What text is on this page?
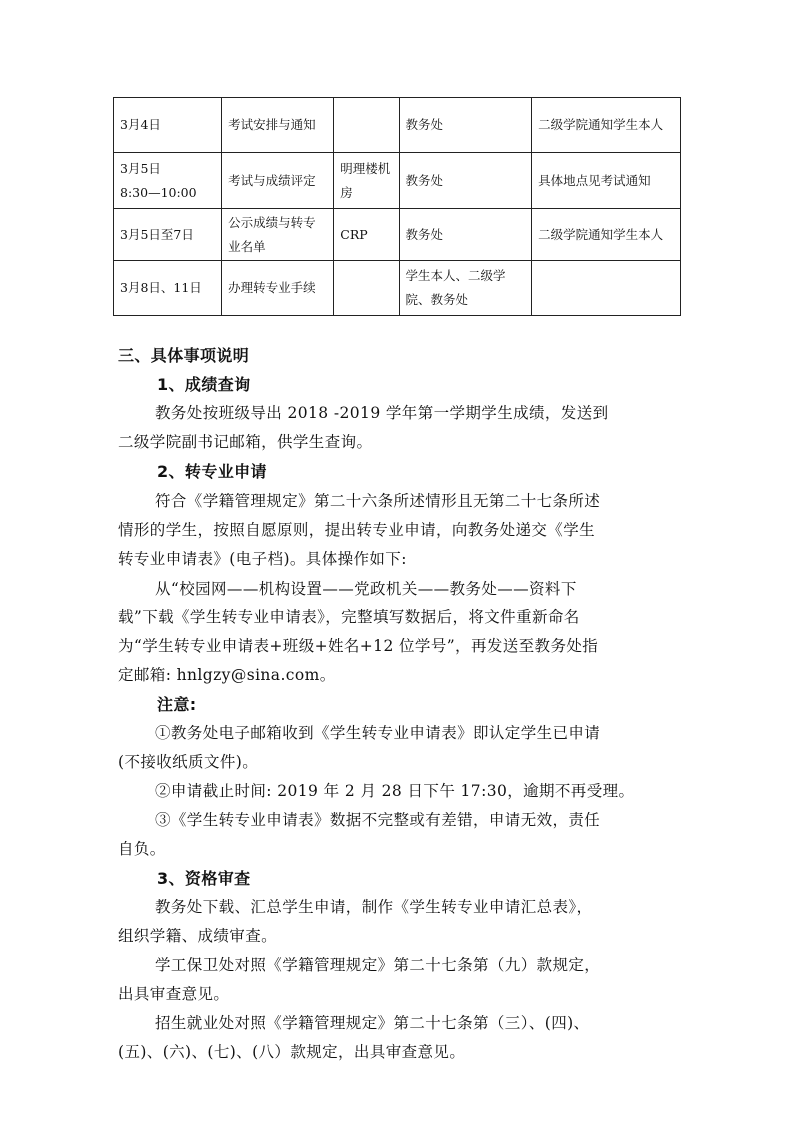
3月4日	考试安排与通知		教务处	二级学院通知学生本人

3月5日
8:30—10:00	考试与成绩评定	明理楼机房	教务处	具体地点见考试通知
3月5日至7日	公示成绩与转专业名单	CRP	教务处	二级学院通知学生本人
3月8日、11日	办理转专业手续		学生本人、二级学院、教务处	
三、具体事项说明
1、成绩查询
教务处按班级导出 2018 -2019 学年第一学期学生成绩，发送到
二级学院副书记邮箱，供学生查询。
2、转专业申请
符合《学籍管理规定》第二十六条所述情形且无第二十七条所述
情形的学生，按照自愿原则，提出转专业申请，向教务处递交《学生
转专业申请表》(电子档)。具体操作如下:
从“校园网——机构设置——党政机关——教务处——资料下
载”下载《学生转专业申请表》，完整填写数据后，将文件重新命名
为“学生转专业申请表+班级+姓名+12 位学号”，再发送至教务处指
定邮箱: hnlgzy@sina.com。
注意:
①教务处电子邮箱收到《学生转专业申请表》即认定学生已申请
(不接收纸质文件)。
②申请截止时间: 2019 年 2 月 28 日下午 17:30，逾期不再受理。
③《学生转专业申请表》数据不完整或有差错，申请无效，责任
自负。
3、资格审查
教务处下载、汇总学生申请，制作《学生转专业申请汇总表》，
组织学籍、成绩审查。
学工保卫处对照《学籍管理规定》第二十七条第（九）款规定，
出具审查意见。
招生就业处对照《学籍管理规定》第二十七条第（三）、(四)、
(五)、(六)、(七)、(八）款规定，出具审查意见。
